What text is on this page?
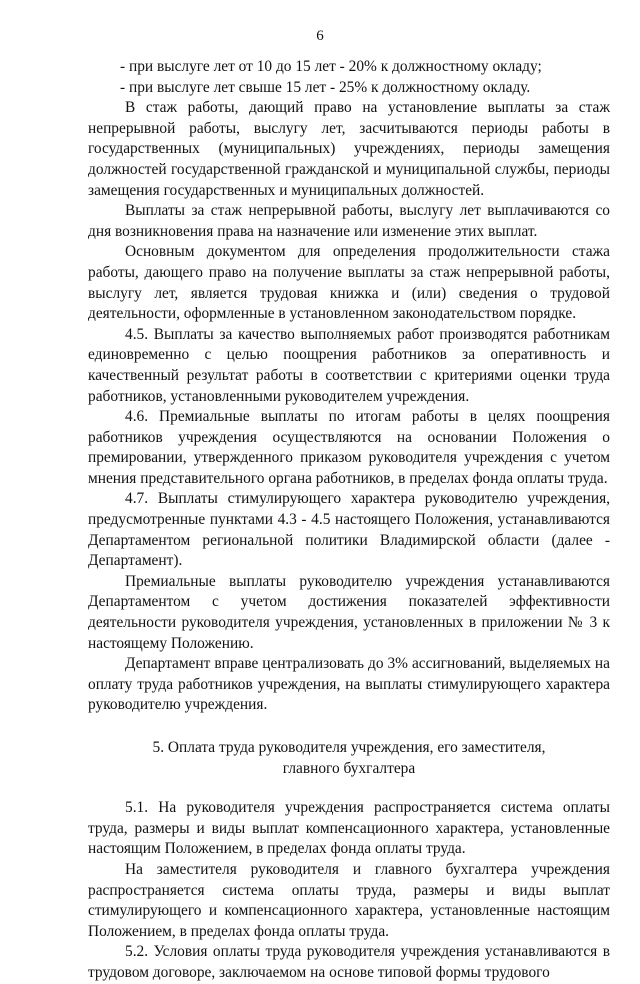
6

- при выслуге лет от 10 до 15 лет - 20% к должностному окладу;

- при выслуге лет свыше 15 лет - 25% к должностному окладу.

В стаж работы, дающий право на установление выплаты за стаж непрерывной работы, выслугу лет, засчитываются периоды работы в государственных (муниципальных) учреждениях, периоды замещения должностей государственной гражданской и муниципальной службы, периоды замещения государственных и муниципальных должностей.

Выплаты за стаж непрерывной работы, выслугу лет выплачиваются со дня возникновения права на назначение или изменение этих выплат.

Основным документом для определения продолжительности стажа работы, дающего право на получение выплаты за стаж непрерывной работы, выслугу лет, является трудовая книжка и (или) сведения о трудовой деятельности, оформленные в установленном законодательством порядке.

4.5. Выплаты за качество выполняемых работ производятся работникам единовременно с целью поощрения работников за оперативность и качественный результат работы в соответствии с критериями оценки труда работников, установленными руководителем учреждения.

4.6. Премиальные выплаты по итогам работы в целях поощрения работников учреждения осуществляются на основании Положения о премировании, утвержденного приказом руководителя учреждения с учетом мнения представительного органа работников, в пределах фонда оплаты труда.

4.7. Выплаты стимулирующего характера руководителю учреждения, предусмотренные пунктами 4.3 - 4.5 настоящего Положения, устанавливаются Департаментом региональной политики Владимирской области (далее - Департамент).

Премиальные выплаты руководителю учреждения устанавливаются Департаментом с учетом достижения показателей эффективности деятельности руководителя учреждения, установленных в приложении № 3 к настоящему Положению.

Департамент вправе централизовать до 3% ассигнований, выделяемых на оплату труда работников учреждения, на выплаты стимулирующего характера руководителю учреждения.

5. Оплата труда руководителя учреждения, его заместителя,
главного бухгалтера

5.1. На руководителя учреждения распространяется система оплаты труда, размеры и виды выплат компенсационного характера, установленные настоящим Положением, в пределах фонда оплаты труда.

На заместителя руководителя и главного бухгалтера учреждения распространяется система оплаты труда, размеры и виды выплат стимулирующего и компенсационного характера, установленные настоящим Положением, в пределах фонда оплаты труда.

5.2. Условия оплаты труда руководителя учреждения устанавливаются в трудовом договоре, заключаемом на основе типовой формы трудового
